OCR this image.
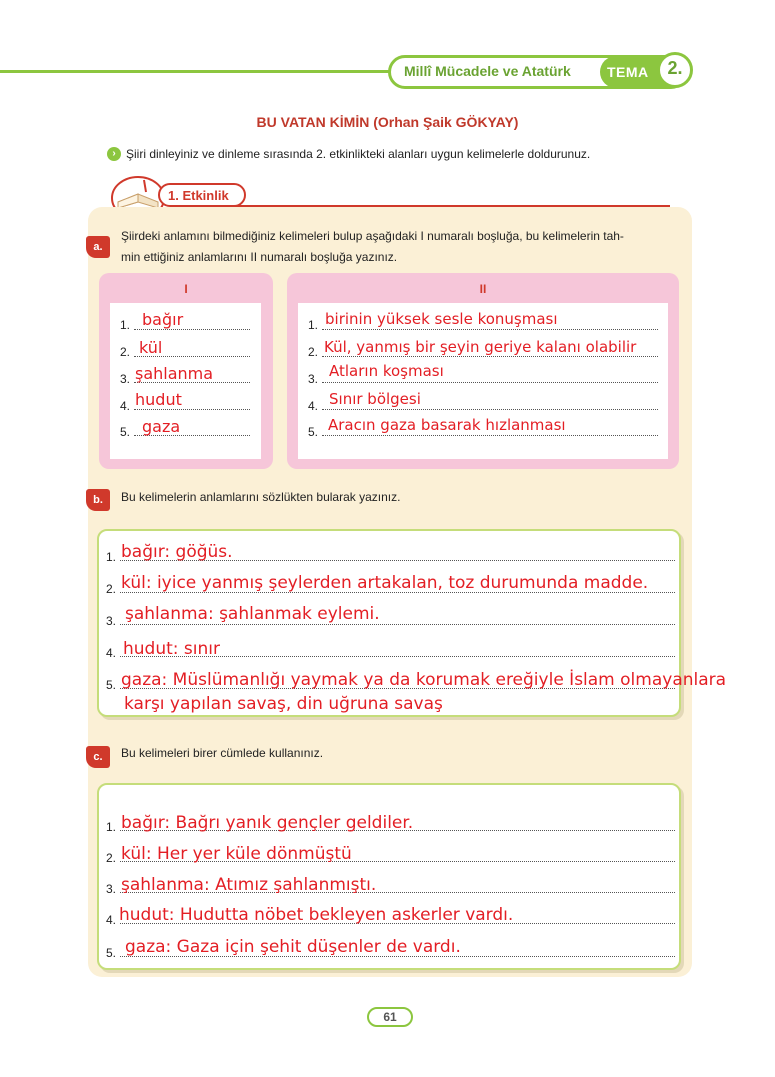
Millî Mücadele ve Atatürk	TEMA	2.
BU VATAN KİMİN (Orhan Şaik GÖKYAY)
› Şiiri dinleyiniz ve dinleme sırasında 2. etkinlikteki alanları uygun kelimelerle doldurunuz.
1. Etkinlik
a.
Şiirdeki anlamını bilmediğiniz kelimeleri bulup aşağıdaki I numaralı boşluğa, bu kelimelerin tah-
min ettiğiniz anlamlarını II numaralı boşluğa yazınız.
I	II
1. bağır
2. kül
3. şahlanma
4. hudut
5. gaza
1. birinin yüksek sesle konuşması
2. Kül, yanmış bir şeyin geriye kalanı olabilir
3. Atların koşması
4. Sınır bölgesi
5. Aracın gaza basarak hızlanması
b.	Bu kelimelerin anlamlarını sözlükten bularak yazınız.
1. bağır: göğüs.
2. kül: iyice yanmış şeylerden artakalan, toz durumunda madde.
3. şahlanma: şahlanmak eylemi.
4. hudut: sınır
5. gaza: Müslümanlığı yaymak ya da korumak ereğiyle İslam olmayanlara
karşı yapılan savaş, din uğruna savaş
c.	Bu kelimeleri birer cümlede kullanınız.
1. bağır: Bağrı yanık gençler geldiler.
2. kül: Her yer küle dönmüştü
3. şahlanma: Atımız şahlanmıştı.
4. hudut: Hudutta nöbet bekleyen askerler vardı.
5. gaza: Gaza için şehit düşenler de vardı.
61
